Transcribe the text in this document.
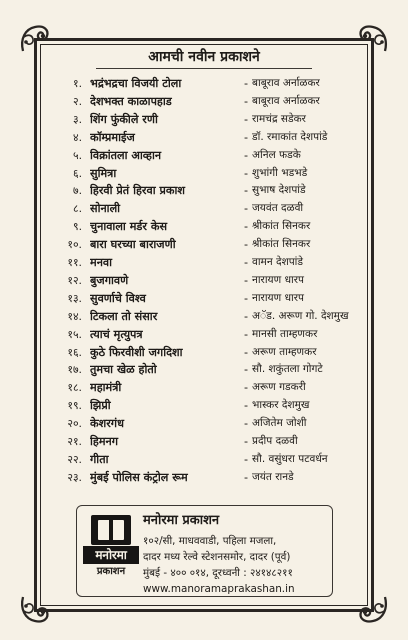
आमची नवीन प्रकाशने
१. भद्रंभद्रचा विजयी टोला	- बाबूराव अर्नाळकर
२. देशभक्त काळापहाड	- बाबूराव अर्नाळकर
३. शिंग फुंकीले रणी	- रामचंद्र सडेकर
४. कॉम्प्रमाईज	- डॉ. रमाकांत देशपांडे
५. विक्रांतला आव्हान	- अनिल फडके
६. सुमित्रा	- शुभांगी भडभडे
७. हिरवी प्रेतं हिरवा प्रकाश	- सुभाष देशपांडे
८. सोनाली	- जयवंत दळवी
९. चुनावाला मर्डर केस	- श्रीकांत सिनकर
१०. बारा घरच्या बाराजणी	- श्रीकांत सिनकर
११. मनवा	- वामन देशपांडे
१२. बुजगावणे	- नारायण धारप
१३. सुवर्णाचे विश्व	- नारायण धारप
१४. टिकला तो संसार	- अॅड. अरूण गो. देशमुख
१५. त्याचं मृत्युपत्र	- मानसी ताम्हणकर
१६. कुठे फिरवीशी जगदिशा	- अरूण ताम्हणकर
१७. तुमचा खेळ होतो	- सौ. शकुंतला गोगटे
१८. महामंत्री	- अरूण गडकरी
१९. झिप्री	- भास्कर देशमुख
२०. केशरगंध	- अजितेम जोशी
२१. हिमनग	- प्रदीप दळवी
२२. गीता	- सौ. वसुंधरा पटवर्धन
२३. मुंबई पोलिस कंट्रोल रूम	- जयंत रानडे
मनोरमा
प्रकाशन
मनोरमा प्रकाशन
१०२/सी, माधववाडी, पहिला मजला,
दादर मध्य रेल्वे स्टेशनसमोर, दादर (पूर्व)
मुंबई - ४०० ०१४, दूरध्वनी : २४१४८२११
www.manoramaprakashan.in
